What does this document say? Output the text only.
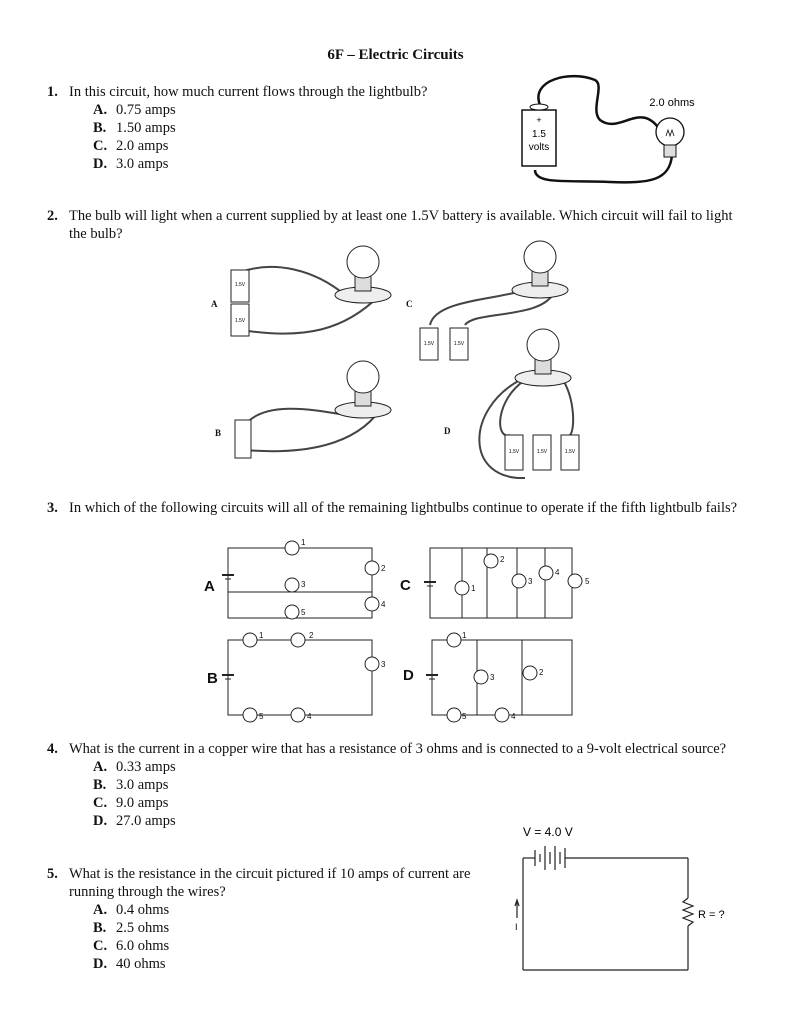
6F – Electric Circuits
1. In this circuit, how much current flows through the lightbulb?
A. 0.75 amps
B. 1.50 amps
C. 2.0 amps
D. 3.0 amps
+
1.5
volts
2.0 ohms
2. The bulb will light when a current supplied by at least one 1.5V battery is available. Which circuit will fail to light the bulb?
1.5V
1.5V
1.5V	1.5V
1.5V	1.5V	1.5V
A
B
C
D
3. In which of the following circuits will all of the remaining lightbulbs continue to operate if the fifth lightbulb fails?
1
3
5
2
4
1
2
3
4
5
1	2
3
5	4
1
3
2
5	4
A	C
B	D
4. What is the current in a copper wire that has a resistance of 3 ohms and is connected to a 9-volt electrical source?
A. 0.33 amps
B. 3.0 amps
C. 9.0 amps
D. 27.0 amps
5. What is the resistance in the circuit pictured if 10 amps of current are running through the wires?
A. 0.4 ohms
B. 2.5 ohms
C. 6.0 ohms
D. 40 ohms
V = 4.0 V
R = ?
I
